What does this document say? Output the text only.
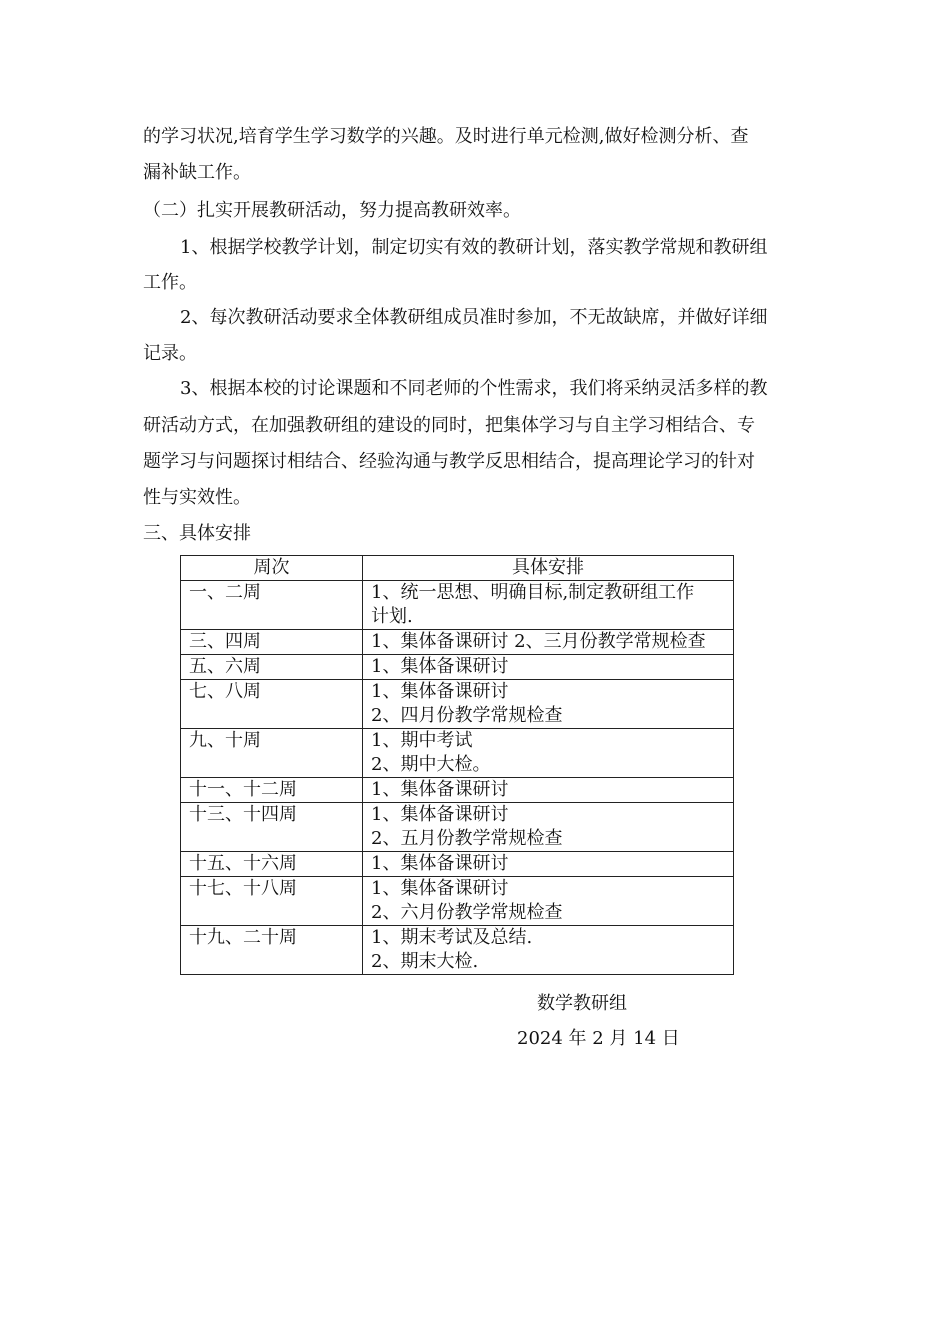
的学习状况,培育学生学习数学的兴趣。及时进行单元检测,做好检测分析、查
漏补缺工作。
（二）扎实开展教研活动，努力提高教研效率。
1、根据学校教学计划，制定切实有效的教研计划，落实教学常规和教研组
工作。
2、每次教研活动要求全体教研组成员准时参加，不无故缺席，并做好详细
记录。
3、根据本校的讨论课题和不同老师的个性需求，我们将采纳灵活多样的教
研活动方式，在加强教研组的建设的同时，把集体学习与自主学习相结合、专
题学习与问题探讨相结合、经验沟通与教学反思相结合，提高理论学习的针对
性与实效性。
三、具体安排
周次	具体安排
一、二周	1、统一思想、明确目标,制定教研组工作
计划.

三、四周	1、集体备课研讨 2、三月份教学常规检查

五、六周	1、集体备课研讨

七、八周	1、集体备课研讨
2、四月份教学常规检查

九、十周	1、期中考试
2、期中大检。

十一、十二周	1、集体备课研讨

十三、十四周	1、集体备课研讨
2、五月份教学常规检查

十五、十六周	1、集体备课研讨

十七、十八周	1、集体备课研讨
2、六月份教学常规检查

十九、二十周	1、期末考试及总结.
2、期末大检.
数学教研组
2024 年 2 月 14 日
